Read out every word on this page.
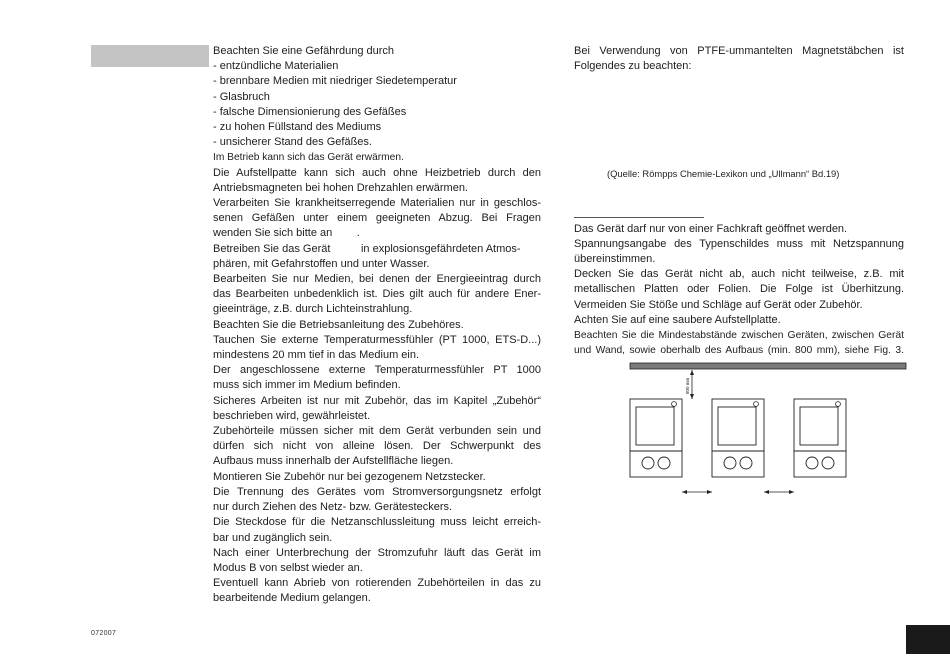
Beachten Sie eine Gefährdung durch
- entzündliche Materialien
- brennbare Medien mit niedriger Siedetemperatur
- Glasbruch
- falsche Dimensionierung des Gefäßes
- zu hohen Füllstand des Mediums
- unsicherer Stand des Gefäßes.
Im Betrieb kann sich das Gerät erwärmen.
Die Aufstellpatte kann sich auch ohne Heizbetrieb durch den
Antriebsmagneten bei hohen Drehzahlen erwärmen.
Verarbeiten Sie krankheitserregende Materialien nur in geschlos-
senen Gefäßen unter einem geeigneten Abzug. Bei Fragen
wenden Sie sich bitte an        .
Betreiben Sie das Gerät          in explosionsgefährdeten Atmos-
phären, mit Gefahrstoffen und unter Wasser.
Bearbeiten Sie nur Medien, bei denen der Energieeintrag durch
das Bearbeiten unbedenklich ist. Dies gilt auch für andere Ener-
gieeinträge, z.B. durch Lichteinstrahlung.
Beachten Sie die Betriebsanleitung des Zubehöres.
Tauchen Sie externe Temperaturmessfühler (PT 1000, ETS-D...)
mindestens 20 mm tief in das Medium ein.
Der angeschlossene externe Temperaturmessfühler PT 1000
muss sich immer im Medium befinden.
Sicheres Arbeiten ist nur mit Zubehör, das im Kapitel „Zubehör“
beschrieben wird, gewährleistet.
Zubehörteile müssen sicher mit dem Gerät verbunden sein und
dürfen sich nicht von alleine lösen. Der Schwerpunkt des
Aufbaus muss innerhalb der Aufstellfläche liegen.
Montieren Sie Zubehör nur bei gezogenem Netzstecker.
Die Trennung des Gerätes vom Stromversorgungsnetz erfolgt
nur durch Ziehen des Netz- bzw. Gerätesteckers.
Die Steckdose für die Netzanschlussleitung muss leicht erreich-
bar und zugänglich sein.
Nach einer Unterbrechung der Stromzufuhr läuft das Gerät im
Modus B von selbst wieder an.
Eventuell kann Abrieb von rotierenden Zubehörteilen in das zu
bearbeitende Medium gelangen.
Bei Verwendung von PTFE-ummantelten Magnetstäbchen ist
Folgendes zu beachten:
(Quelle: Römpps Chemie-Lexikon und „Ullmann“ Bd.19)
Das Gerät darf nur von einer Fachkraft geöffnet werden.
Spannungsangabe des Typenschildes muss mit Netzspannung
übereinstimmen.
Decken Sie das Gerät nicht ab, auch nicht teilweise, z.B. mit
metallischen Platten oder Folien. Die Folge ist Überhitzung.
Vermeiden Sie Stöße und Schläge auf Gerät oder Zubehör.
Achten Sie auf eine saubere Aufstellplatte.
Beachten Sie die Mindestabstände zwischen Geräten, zwischen Gerät
und Wand, sowie oberhalb des Aufbaus (min. 800 mm), siehe Fig. 3.
800 mm
072007
